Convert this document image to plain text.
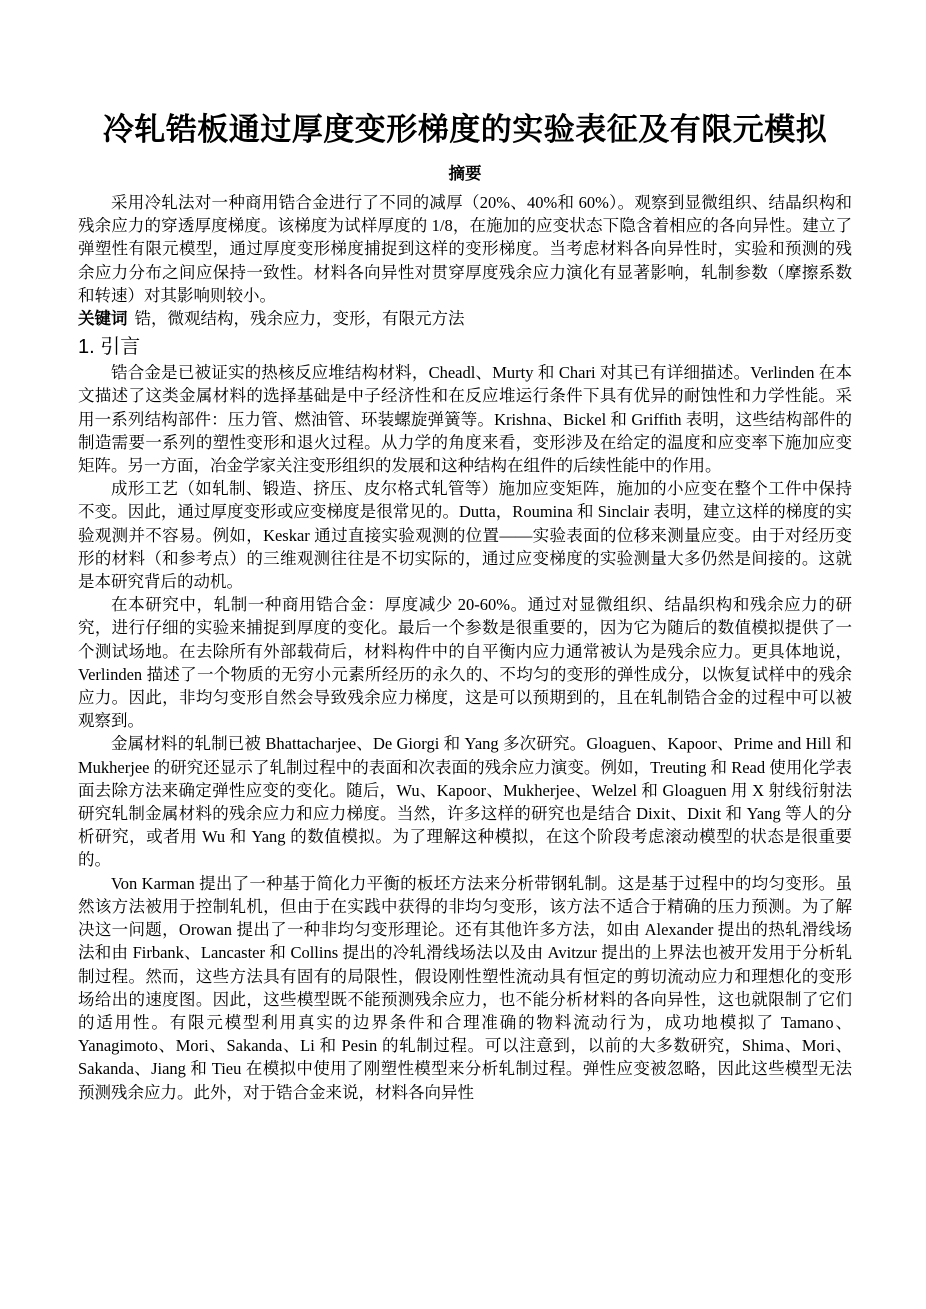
冷轧锆板通过厚度变形梯度的实验表征及有限元模拟
摘要

采用冷轧法对一种商用锆合金进行了不同的减厚（20%、40%和 60%）。观察到显微组织、结晶织构和残余应力的穿透厚度梯度。该梯度为试样厚度的 1/8，在施加的应变状态下隐含着相应的各向异性。建立了弹塑性有限元模型，通过厚度变形梯度捕捉到这样的变形梯度。当考虑材料各向异性时，实验和预测的残余应力分布之间应保持一致性。材料各向异性对贯穿厚度残余应力演化有显著影响，轧制参数（摩擦系数和转速）对其影响则较小。

关键词 锆，微观结构，残余应力，变形，有限元方法

1. 引言

锆合金是已被证实的热核反应堆结构材料，Cheadl、Murty 和 Chari 对其已有详细描述。Verlinden 在本文描述了这类金属材料的选择基础是中子经济性和在反应堆运行条件下具有优异的耐蚀性和力学性能。采用一系列结构部件：压力管、燃油管、环装螺旋弹簧等。Krishna、Bickel 和 Griffith 表明，这些结构部件的制造需要一系列的塑性变形和退火过程。从力学的角度来看，变形涉及在给定的温度和应变率下施加应变矩阵。另一方面，冶金学家关注变形组织的发展和这种结构在组件的后续性能中的作用。

成形工艺（如轧制、锻造、挤压、皮尔格式轧管等）施加应变矩阵，施加的小应变在整个工件中保持不变。因此，通过厚度变形或应变梯度是很常见的。Dutta，Roumina 和 Sinclair 表明，建立这样的梯度的实验观测并不容易。例如，Keskar 通过直接实验观测的位置——实验表面的位移来测量应变。由于对经历变形的材料（和参考点）的三维观测往往是不切实际的，通过应变梯度的实验测量大多仍然是间接的。这就是本研究背后的动机。

在本研究中，轧制一种商用锆合金：厚度减少 20-60%。通过对显微组织、结晶织构和残余应力的研究，进行仔细的实验来捕捉到厚度的变化。最后一个参数是很重要的，因为它为随后的数值模拟提供了一个测试场地。在去除所有外部载荷后，材料构件中的自平衡内应力通常被认为是残余应力。更具体地说，Verlinden 描述了一个物质的无穷小元素所经历的永久的、不均匀的变形的弹性成分，以恢复试样中的残余应力。因此，非均匀变形自然会导致残余应力梯度，这是可以预期到的，且在轧制锆合金的过程中可以被观察到。

金属材料的轧制已被 Bhattacharjee、De Giorgi 和 Yang 多次研究。Gloaguen、Kapoor、Prime and Hill 和 Mukherjee 的研究还显示了轧制过程中的表面和次表面的残余应力演变。例如，Treuting 和 Read 使用化学表面去除方法来确定弹性应变的变化。随后，Wu、Kapoor、Mukherjee、Welzel 和 Gloaguen 用 X 射线衍射法研究轧制金属材料的残余应力和应力梯度。当然，许多这样的研究也是结合 Dixit、Dixit 和 Yang 等人的分析研究，或者用 Wu 和 Yang 的数值模拟。为了理解这种模拟，在这个阶段考虑滚动模型的状态是很重要的。

Von Karman 提出了一种基于简化力平衡的板坯方法来分析带钢轧制。这是基于过程中的均匀变形。虽然该方法被用于控制轧机，但由于在实践中获得的非均匀变形，该方法不适合于精确的压力预测。为了解决这一问题，Orowan 提出了一种非均匀变形理论。还有其他许多方法，如由 Alexander 提出的热轧滑线场法和由 Firbank、Lancaster 和 Collins 提出的冷轧滑线场法以及由 Avitzur 提出的上界法也被开发用于分析轧制过程。然而，这些方法具有固有的局限性，假设刚性塑性流动具有恒定的剪切流动应力和理想化的变形场给出的速度图。因此，这些模型既不能预测残余应力，也不能分析材料的各向异性，这也就限制了它们的适用性。有限元模型利用真实的边界条件和合理准确的物料流动行为，成功地模拟了 Tamano、Yanagimoto、Mori、Sakanda、Li 和 Pesin 的轧制过程。可以注意到，以前的大多数研究，Shima、Mori、Sakanda、Jiang 和 Tieu 在模拟中使用了刚塑性模型来分析轧制过程。弹性应变被忽略，因此这些模型无法预测残余应力。此外，对于锆合金来说，材料各向异性
